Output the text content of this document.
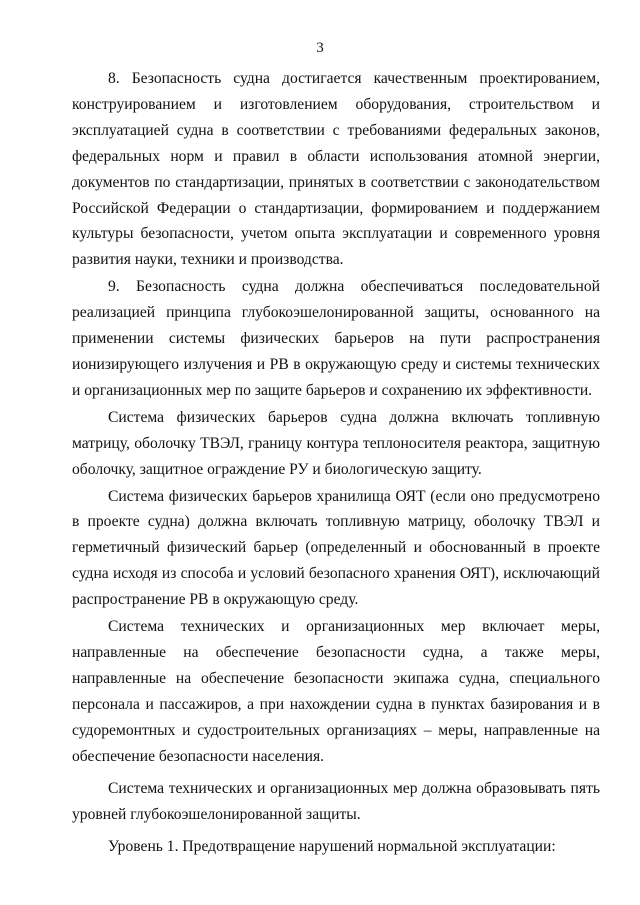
3

8. Безопасность судна достигается качественным проектированием, конструированием и изготовлением оборудования, строительством и эксплуатацией судна в соответствии с требованиями федеральных законов, федеральных норм и правил в области использования атомной энергии, документов по стандартизации, принятых в соответствии с законодательством Российской Федерации о стандартизации, формированием и поддержанием культуры безопасности, учетом опыта эксплуатации и современного уровня развития науки, техники и производства.

9. Безопасность судна должна обеспечиваться последовательной реализацией принципа глубокоэшелонированной защиты, основанного на применении системы физических барьеров на пути распространения ионизирующего излучения и РВ в окружающую среду и системы технических и организационных мер по защите барьеров и сохранению их эффективности.

Система физических барьеров судна должна включать топливную матрицу, оболочку ТВЭЛ, границу контура теплоносителя реактора, защитную оболочку, защитное ограждение РУ и биологическую защиту.

Система физических барьеров хранилища ОЯТ (если оно предусмотрено в проекте судна) должна включать топливную матрицу, оболочку ТВЭЛ и герметичный физический барьер (определенный и обоснованный в проекте судна исходя из способа и условий безопасного хранения ОЯТ), исключающий распространение РВ в окружающую среду.

Система технических и организационных мер включает меры, направленные на обеспечение безопасности судна, а также меры, направленные на обеспечение безопасности экипажа судна, специального персонала и пассажиров, а при нахождении судна в пунктах базирования и в судоремонтных и судостроительных организациях – меры, направленные на обеспечение безопасности населения.

Система технических и организационных мер должна образовывать пять уровней глубокоэшелонированной защиты.

Уровень 1. Предотвращение нарушений нормальной эксплуатации:
